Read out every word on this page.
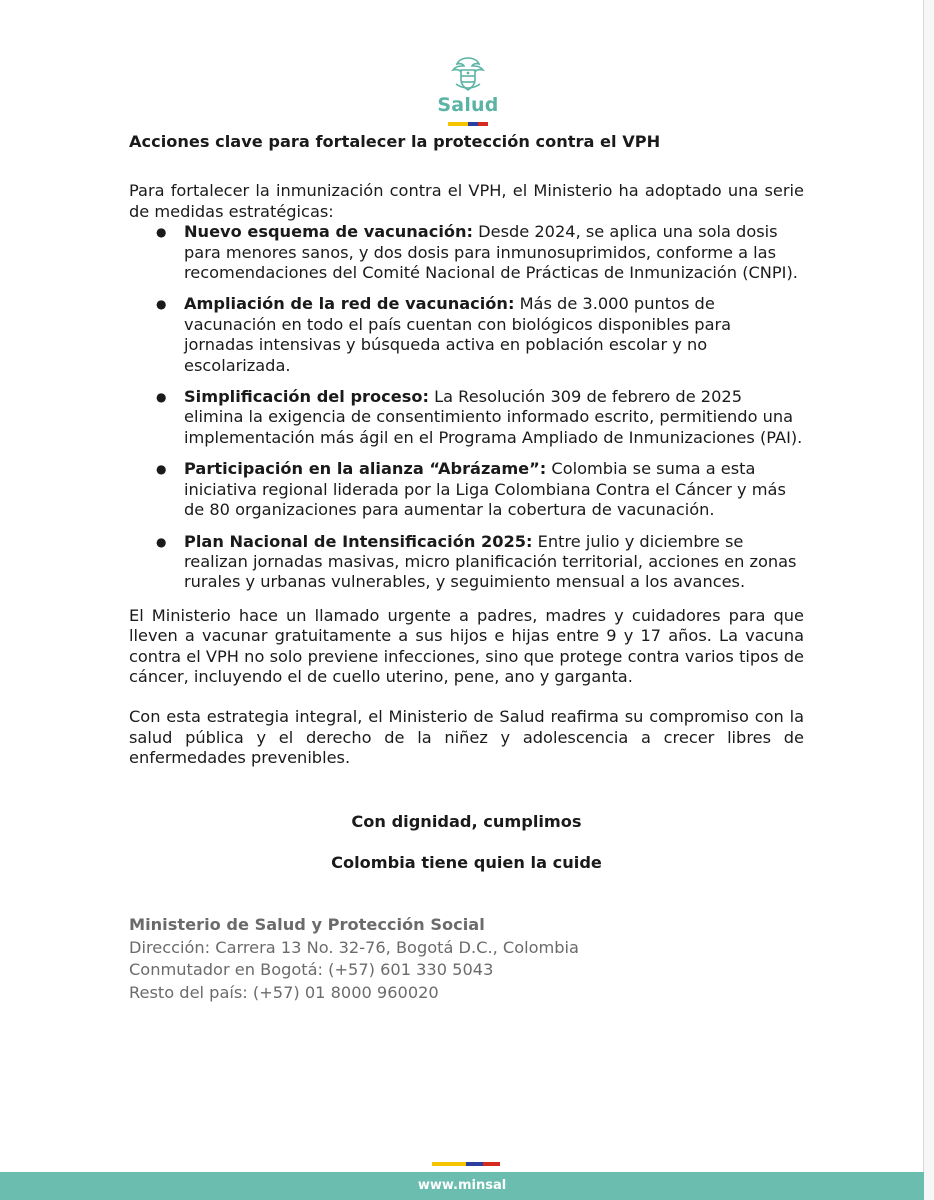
Salud

Acciones clave para fortalecer la protección contra el VPH

Para fortalecer la inmunización contra el VPH, el Ministerio ha adoptado una serie de medidas estratégicas:

● Nuevo esquema de vacunación: Desde 2024, se aplica una sola dosis para menores sanos, y dos dosis para inmunosuprimidos, conforme a las recomendaciones del Comité Nacional de Prácticas de Inmunización (CNPI).
● Ampliación de la red de vacunación: Más de 3.000 puntos de vacunación en todo el país cuentan con biológicos disponibles para jornadas intensivas y búsqueda activa en población escolar y no escolarizada.
● Simplificación del proceso: La Resolución 309 de febrero de 2025 elimina la exigencia de consentimiento informado escrito, permitiendo una implementación más ágil en el Programa Ampliado de Inmunizaciones (PAI).
● Participación en la alianza “Abrázame”: Colombia se suma a esta iniciativa regional liderada por la Liga Colombiana Contra el Cáncer y más de 80 organizaciones para aumentar la cobertura de vacunación.
● Plan Nacional de Intensificación 2025: Entre julio y diciembre se realizan jornadas masivas, micro planificación territorial, acciones en zonas rurales y urbanas vulnerables, y seguimiento mensual a los avances.

El Ministerio hace un llamado urgente a padres, madres y cuidadores para que lleven a vacunar gratuitamente a sus hijos e hijas entre 9 y 17 años. La vacuna contra el VPH no solo previene infecciones, sino que protege contra varios tipos de cáncer, incluyendo el de cuello uterino, pene, ano y garganta.

Con esta estrategia integral, el Ministerio de Salud reafirma su compromiso con la salud pública y el derecho de la niñez y adolescencia a crecer libres de enfermedades prevenibles.

Con dignidad, cumplimos

Colombia tiene quien la cuide

Ministerio de Salud y Protección Social
Dirección: Carrera 13 No. 32-76, Bogotá D.C., Colombia
Conmutador en Bogotá: (+57) 601 330 5043
Resto del país: (+57) 01 8000 960020
www.minsal
